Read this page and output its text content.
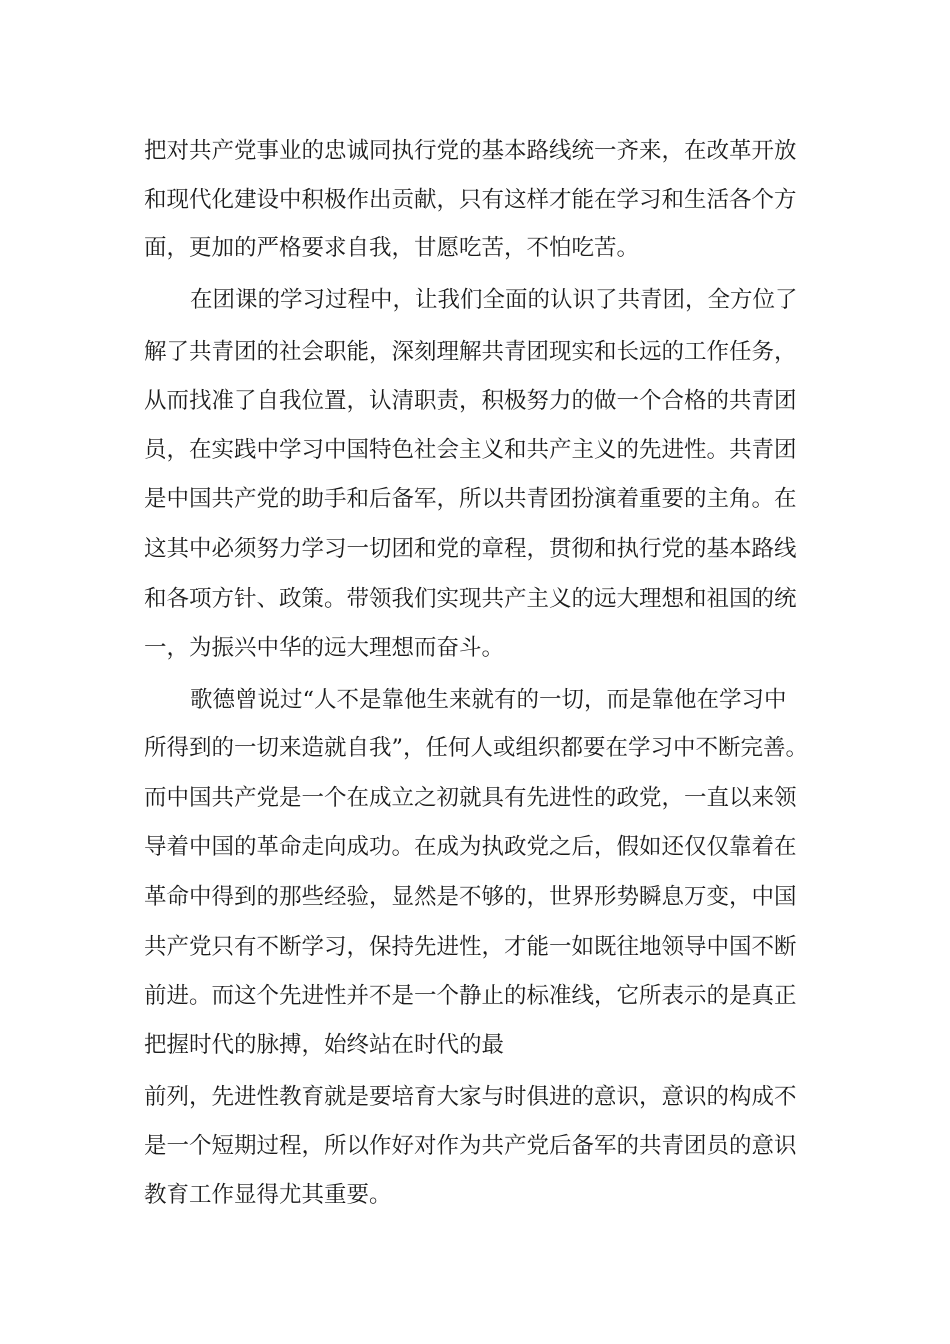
把对共产党事业的忠诚同执行党的基本路线统一齐来，在改革开放
和现代化建设中积极作出贡献，只有这样才能在学习和生活各个方
面，更加的严格要求自我，甘愿吃苦，不怕吃苦。
在团课的学习过程中，让我们全面的认识了共青团，全方位了
解了共青团的社会职能，深刻理解共青团现实和长远的工作任务，
从而找准了自我位置，认清职责，积极努力的做一个合格的共青团
员，在实践中学习中国特色社会主义和共产主义的先进性。共青团
是中国共产党的助手和后备军，所以共青团扮演着重要的主角。在
这其中必须努力学习一切团和党的章程，贯彻和执行党的基本路线
和各项方针、政策。带领我们实现共产主义的远大理想和祖国的统
一，为振兴中华的远大理想而奋斗。
歌德曾说过“人不是靠他生来就有的一切，而是靠他在学习中
所得到的一切来造就自我”，任何人或组织都要在学习中不断完善。
而中国共产党是一个在成立之初就具有先进性的政党，一直以来领
导着中国的革命走向成功。在成为执政党之后，假如还仅仅靠着在
革命中得到的那些经验，显然是不够的，世界形势瞬息万变，中国
共产党只有不断学习，保持先进性，才能一如既往地领导中国不断
前进。而这个先进性并不是一个静止的标准线，它所表示的是真正
把握时代的脉搏，始终站在时代的最
前列，先进性教育就是要培育大家与时俱进的意识，意识的构成不
是一个短期过程，所以作好对作为共产党后备军的共青团员的意识
教育工作显得尤其重要。
